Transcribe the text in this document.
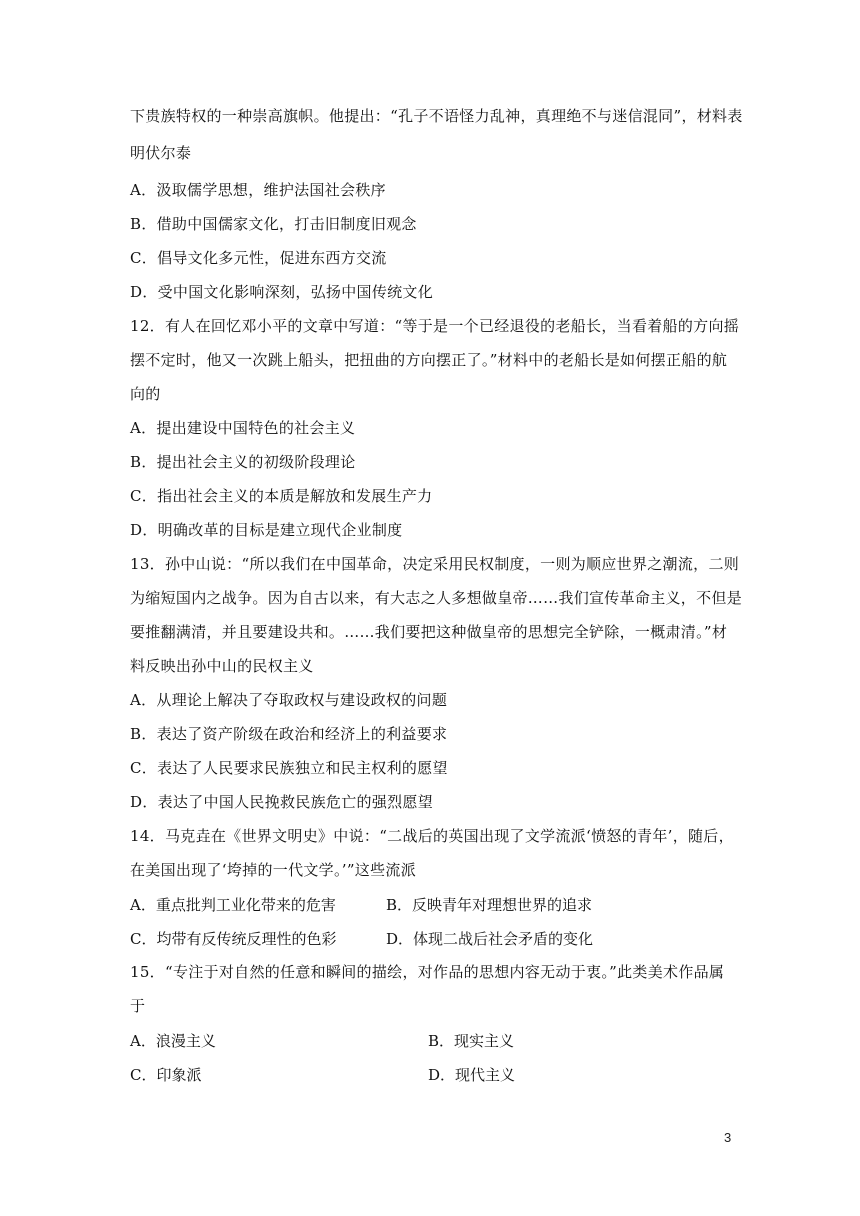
下贵族特权的一种崇高旗帜。他提出：“孔子不语怪力乱神，真理绝不与迷信混同”，材料表
明伏尔泰
A．汲取儒学思想，维护法国社会秩序
B．借助中国儒家文化，打击旧制度旧观念
C．倡导文化多元性，促进东西方交流
D．受中国文化影响深刻，弘扬中国传统文化
12．有人在回忆邓小平的文章中写道：“等于是一个已经退役的老船长，当看着船的方向摇
摆不定时，他又一次跳上船头，把扭曲的方向摆正了。”材料中的老船长是如何摆正船的航
向的
A．提出建设中国特色的社会主义
B．提出社会主义的初级阶段理论
C．指出社会主义的本质是解放和发展生产力
D．明确改革的目标是建立现代企业制度
13．孙中山说：“所以我们在中国革命，决定采用民权制度，一则为顺应世界之潮流，二则
为缩短国内之战争。因为自古以来，有大志之人多想做皇帝……我们宣传革命主义，不但是
要推翻满清，并且要建设共和。……我们要把这种做皇帝的思想完全铲除，一概肃清。”材
料反映出孙中山的民权主义
A．从理论上解决了夺取政权与建设政权的问题
B．表达了资产阶级在政治和经济上的利益要求
C．表达了人民要求民族独立和民主权利的愿望
D．表达了中国人民挽救民族危亡的强烈愿望
14．马克垚在《世界文明史》中说：“二战后的英国出现了文学流派‘愤怒的青年’，随后，
在美国出现了‘垮掉的一代文学。’”这些流派
A．重点批判工业化带来的危害	B．反映青年对理想世界的追求
C．均带有反传统反理性的色彩	D．体现二战后社会矛盾的变化
15．“专注于对自然的任意和瞬间的描绘，对作品的思想内容无动于衷。”此类美术作品属
于
A．浪漫主义	B．现实主义
C．印象派	D．现代主义
3
